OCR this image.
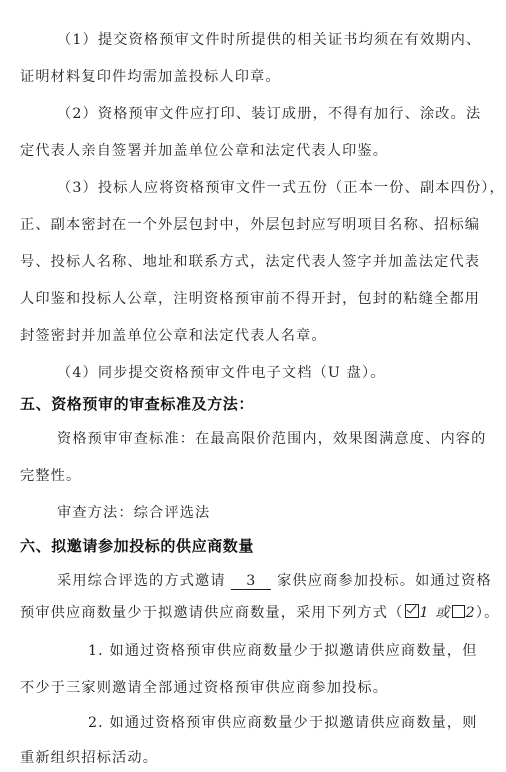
（1）提交资格预审文件时所提供的相关证书均须在有效期内、
证明材料复印件均需加盖投标人印章。
（2）资格预审文件应打印、装订成册，不得有加行、涂改。法
定代表人亲自签署并加盖单位公章和法定代表人印鉴。
（3）投标人应将资格预审文件一式五份（正本一份、副本四份），
正、副本密封在一个外层包封中，外层包封应写明项目名称、招标编
号、投标人名称、地址和联系方式，法定代表人签字并加盖法定代表
人印鉴和投标人公章，注明资格预审前不得开封，包封的粘缝全都用
封签密封并加盖单位公章和法定代表人名章。
（4）同步提交资格预审文件电子文档（U 盘）。
五、资格预审的审查标准及方法：
资格预审审查标准：在最高限价范围内，效果图满意度、内容的
完整性。
审查方法：综合评选法
六、拟邀请参加投标的供应商数量
采用综合评选的方式邀请 3 家供应商参加投标。如通过资格
预审供应商数量少于拟邀请供应商数量，采用下列方式（ 1 或 2）。
1. 如通过资格预审供应商数量少于拟邀请供应商数量，但
不少于三家则邀请全部通过资格预审供应商参加投标。
2. 如通过资格预审供应商数量少于拟邀请供应商数量，则
重新组织招标活动。
